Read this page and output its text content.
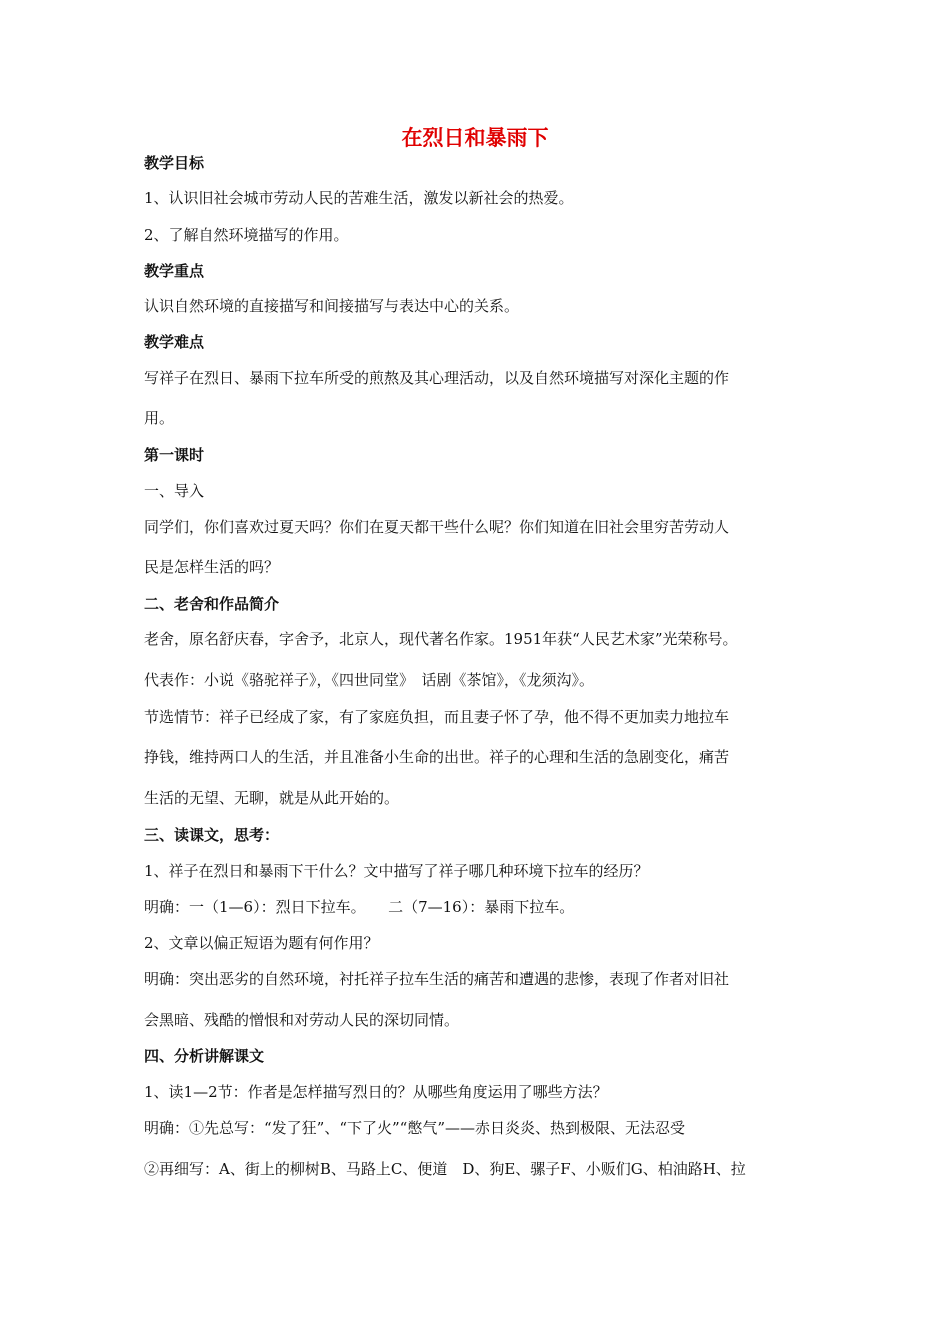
在烈日和暴雨下
教学目标
1、认识旧社会城市劳动人民的苦难生活，激发以新社会的热爱。
2、了解自然环境描写的作用。
教学重点
认识自然环境的直接描写和间接描写与表达中心的关系。
教学难点
写祥子在烈日、暴雨下拉车所受的煎熬及其心理活动，以及自然环境描写对深化主题的作
用。
第一课时
一、导入
同学们，你们喜欢过夏天吗？你们在夏天都干些什么呢？你们知道在旧社会里穷苦劳动人
民是怎样生活的吗？
二、老舍和作品简介
老舍，原名舒庆春，字舍予，北京人，现代著名作家。1951年获“人民艺术家”光荣称号。
代表作：小说《骆驼祥子》，《四世同堂》　话剧《茶馆》，《龙须沟》。
节选情节：祥子已经成了家，有了家庭负担，而且妻子怀了孕，他不得不更加卖力地拉车
挣钱，维持两口人的生活，并且准备小生命的出世。祥子的心理和生活的急剧变化，痛苦
生活的无望、无聊，就是从此开始的。
三、读课文，思考：
1、祥子在烈日和暴雨下干什么？文中描写了祥子哪几种环境下拉车的经历？
明确：一（1—6）：烈日下拉车。　　二（7—16）：暴雨下拉车。
2、文章以偏正短语为题有何作用？
明确：突出恶劣的自然环境，衬托祥子拉车生活的痛苦和遭遇的悲惨，表现了作者对旧社
会黑暗、残酷的憎恨和对劳动人民的深切同情。
四、分析讲解课文
1、读1—2节：作者是怎样描写烈日的？从哪些角度运用了哪些方法？
明确：①先总写：“发了狂”、“下了火”“憋气”——赤日炎炎、热到极限、无法忍受
②再细写：A、街上的柳树B、马路上C、便道　D、狗E、骡子F、小贩们G、柏油路H、拉
